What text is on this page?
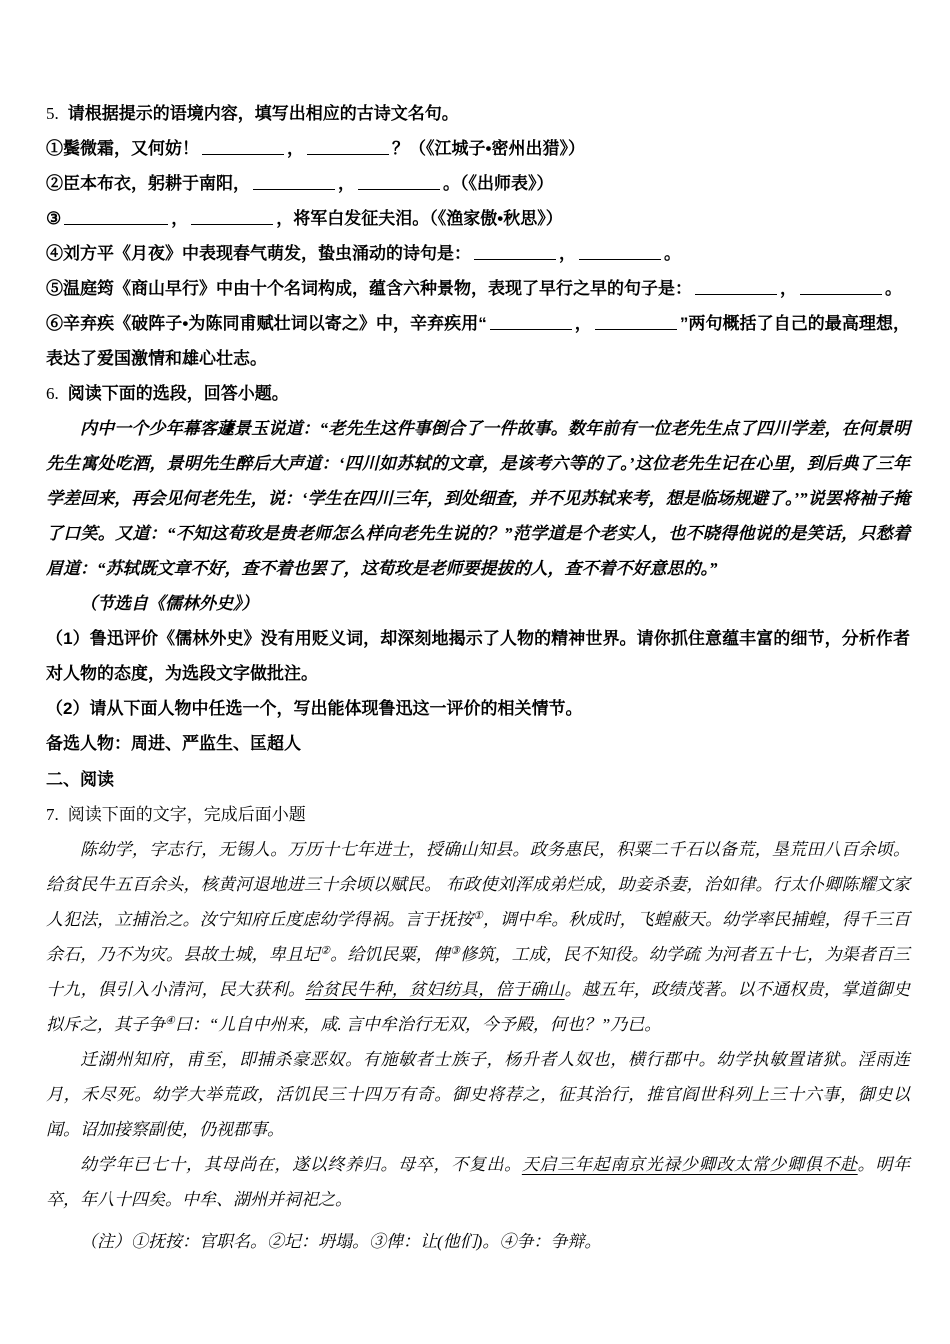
5. 请根据提示的语境内容，填写出相应的古诗文名句。

①鬓微霜，又何妨！	，	？（《江城子•密州出猎》）

②臣本布衣，躬耕于南阳，	，	。（《出师表》）

③	，	，将军白发征夫泪。（《渔家傲•秋思》）

④刘方平《月夜》中表现春气萌发，蛰虫涌动的诗句是：	，	。

⑤温庭筠《商山早行》中由十个名词构成，蕴含六种景物，表现了早行之早的句子是：	，	。

⑥辛弃疾《破阵子•为陈同甫赋壮词以寄之》中，辛弃疾用“	，	”两句概括了自己的最高理想，表达了爱国激情和雄心壮志。

6. 阅读下面的选段，回答小题。

内中一个少年幕客蘧景玉说道：“老先生这件事倒合了一件故事。数年前有一位老先生点了四川学差，在何景明先生寓处吃酒，景明先生醉后大声道：‘四川如苏轼的文章，是该考六等的了。’这位老先生记在心里，到后典了三年学差回来，再会见何老先生，说：‘学生在四川三年，到处细查，并不见苏轼来考，想是临场规避了。’”说罢将袖子掩了口笑。又道：“不知这荀玫是贵老师怎么样向老先生说的？”范学道是个老实人，也不晓得他说的是笑话，只愁着眉道：“苏轼既文章不好，查不着也罢了，这荀玫是老师要提拔的人，查不着不好意思的。”

（节选自《儒林外史》）

（1）鲁迅评价《儒林外史》没有用贬义词，却深刻地揭示了人物的精神世界。请你抓住意蕴丰富的细节，分析作者对人物的态度，为选段文字做批注。

（2）请从下面人物中任选一个，写出能体现鲁迅这一评价的相关情节。

备选人物：周进、严监生、匡超人

二、阅读

7. 阅读下面的文字，完成后面小题

陈幼学，字志行，无锡人。万历十七年进士，授确山知县。政务惠民，积粟二千石以备荒，垦荒田八百余顷。给贫民牛五百余头，核黄河退地进三十余顷以赋民。 布政使刘浑成弟烂成，助妾杀妻，治如律。行太仆卿陈耀文家人犯法，立捕治之。汝宁知府丘度虑幼学得祸。言于抚按①，调中牟。秋成时，飞蝗蔽天。幼学率民捕蝗，得千三百余石，乃不为灾。县故土城，卑且圮②。给饥民粟，俾③修筑，工成，民不知役。幼学疏 为河者五十七，为渠者百三十九，俱引入小清河，民大获利。给贫民牛种，贫妇纺具，倍于确山。越五年，政绩茂著。以不通权贵，掌道御史拟斥之，其子争④曰：“儿自中州来，咸. 言中牟治行无双，今予殿，何也？”乃已。

迁湖州知府，甫至，即捕杀豪恶奴。有施敏者士族子，杨升者人奴也，横行郡中。幼学执敏置诸狱。淫雨连月，禾尽死。幼学大举荒政，活饥民三十四万有奇。御史将荐之，征其治行，推官阎世科列上三十六事，御史以闻。诏加接察副使，仍视郡事。

幼学年已七十，其母尚在，遂以终养归。母卒，不复出。天启三年起南京光禄少卿改太常少卿俱不赴。明年卒，年八十四矣。中牟、湖州并祠祀之。

（注）①抚按：官职名。②圮：坍塌。③俾：让(他们)。④争：争辩。
